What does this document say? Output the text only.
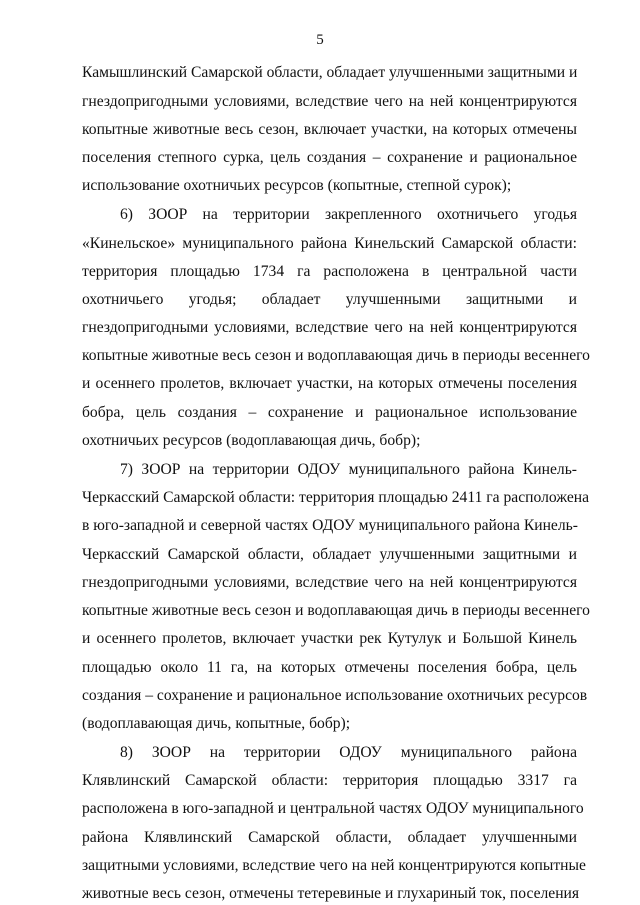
5
Камышлинский Самарской области, обладает улучшенными защитными и
гнездопригодными условиями, вследствие чего на ней концентрируются
копытные животные весь сезон, включает участки, на которых отмечены
поселения степного сурка, цель создания – сохранение и рациональное
использование охотничьих ресурсов (копытные, степной сурок);
6) ЗООР на территории закрепленного охотничьего угодья
«Кинельское» муниципального района Кинельский Самарской области:
территория площадью 1734 га расположена в центральной части
охотничьего угодья; обладает улучшенными защитными и
гнездопригодными условиями, вследствие чего на ней концентрируются
копытные животные весь сезон и водоплавающая дичь в периоды весеннего
и осеннего пролетов, включает участки, на которых отмечены поселения
бобра, цель создания – сохранение и рациональное использование
охотничьих ресурсов (водоплавающая дичь, бобр);
7) ЗООР на территории ОДОУ муниципального района Кинель-
Черкасский Самарской области: территория площадью 2411 га расположена
в юго-западной и северной частях ОДОУ муниципального района Кинель-
Черкасский Самарской области, обладает улучшенными защитными и
гнездопригодными условиями, вследствие чего на ней концентрируются
копытные животные весь сезон и водоплавающая дичь в периоды весеннего
и осеннего пролетов, включает участки рек Кутулук и Большой Кинель
площадью около 11 га, на которых отмечены поселения бобра, цель
создания – сохранение и рациональное использование охотничьих ресурсов
(водоплавающая дичь, копытные, бобр);
8) ЗООР на территории ОДОУ муниципального района
Клявлинский Самарской области: территория площадью 3317 га
расположена в юго-западной и центральной частях ОДОУ муниципального
района Клявлинский Самарской области, обладает улучшенными
защитными условиями, вследствие чего на ней концентрируются копытные
животные весь сезон, отмечены тетеревиные и глухариный ток, поселения
